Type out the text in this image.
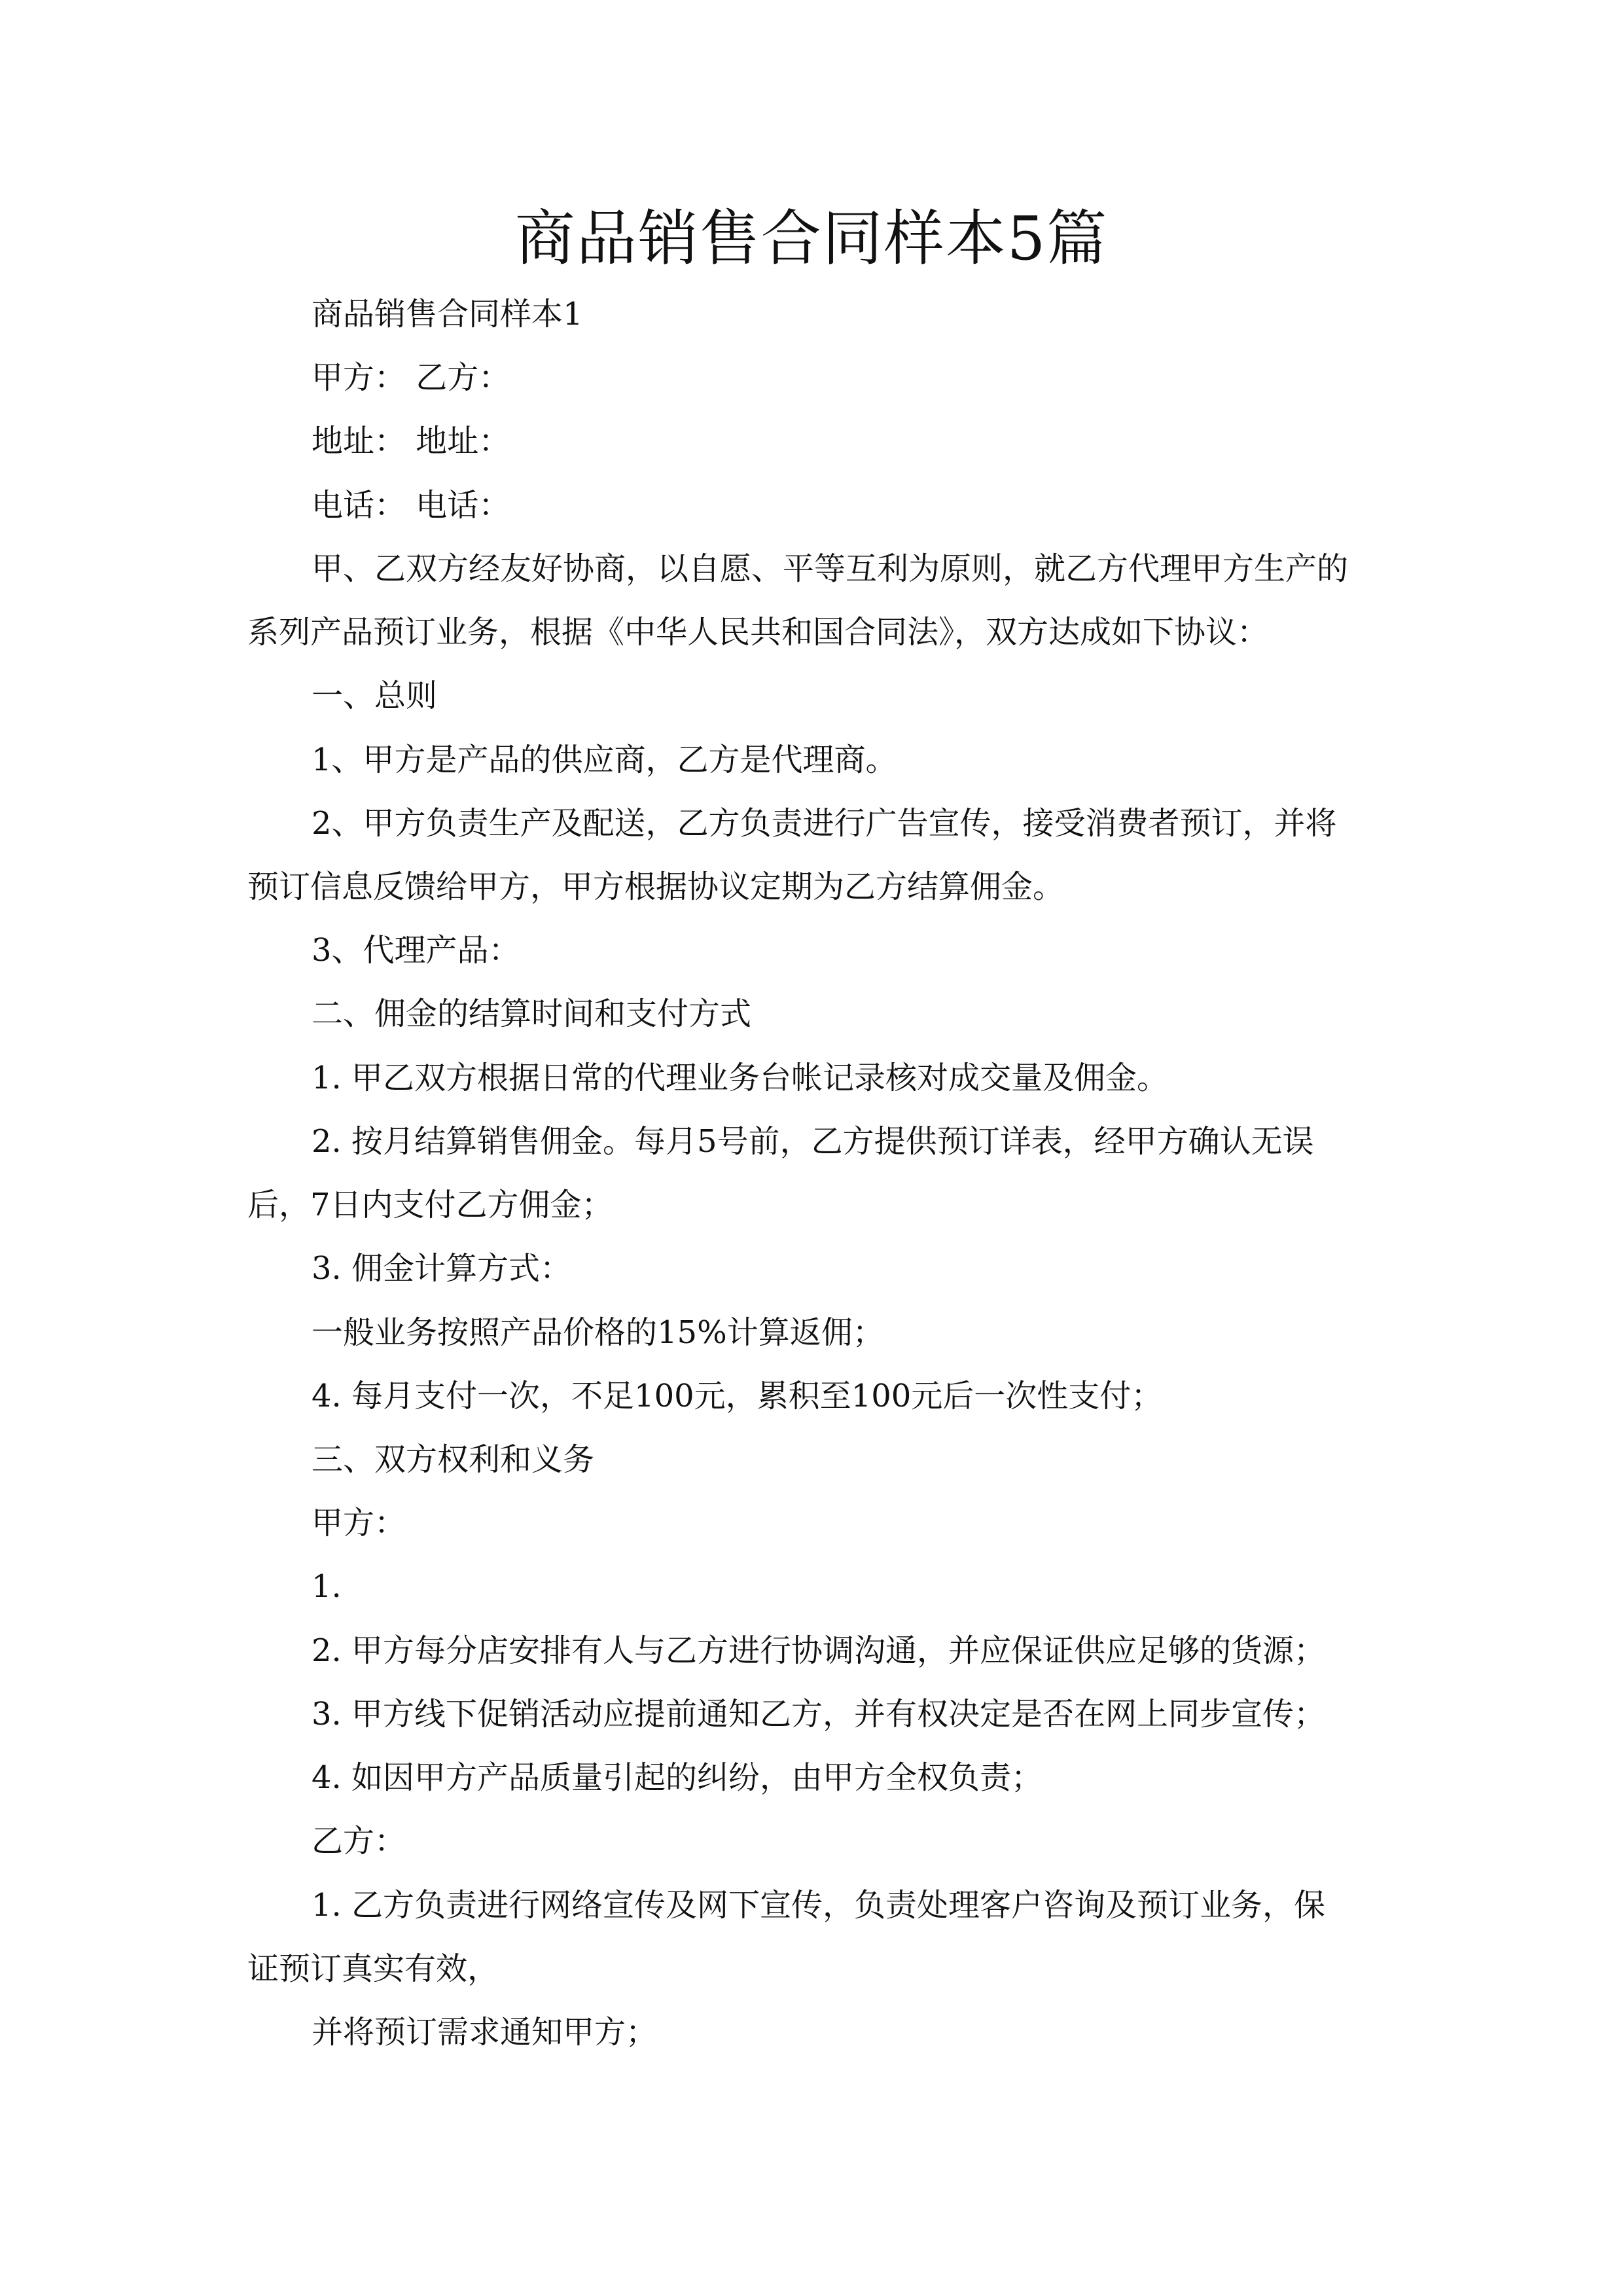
商品销售合同样本5篇

商品销售合同样本1

甲方： 乙方：

地址： 地址：

电话： 电话：

甲、乙双方经友好协商，以自愿、平等互利为原则，就乙方代理甲方生产的

系列产品预订业务，根据《中华人民共和国合同法》，双方达成如下协议：

一、总则

1、甲方是产品的供应商，乙方是代理商。

2、甲方负责生产及配送，乙方负责进行广告宣传，接受消费者预订，并将

预订信息反馈给甲方，甲方根据协议定期为乙方结算佣金。

3、代理产品：

二、佣金的结算时间和支付方式

1. 甲乙双方根据日常的代理业务台帐记录核对成交量及佣金。

2. 按月结算销售佣金。每月5号前，乙方提供预订详表，经甲方确认无误

后，7日内支付乙方佣金；

3. 佣金计算方式：

一般业务按照产品价格的15%计算返佣；

4. 每月支付一次，不足100元，累积至100元后一次性支付；

三、双方权利和义务

甲方：

1.

2. 甲方每分店安排有人与乙方进行协调沟通，并应保证供应足够的货源；

3. 甲方线下促销活动应提前通知乙方，并有权决定是否在网上同步宣传；

4. 如因甲方产品质量引起的纠纷，由甲方全权负责；

乙方：

1. 乙方负责进行网络宣传及网下宣传，负责处理客户咨询及预订业务，保

证预订真实有效，

并将预订需求通知甲方；
